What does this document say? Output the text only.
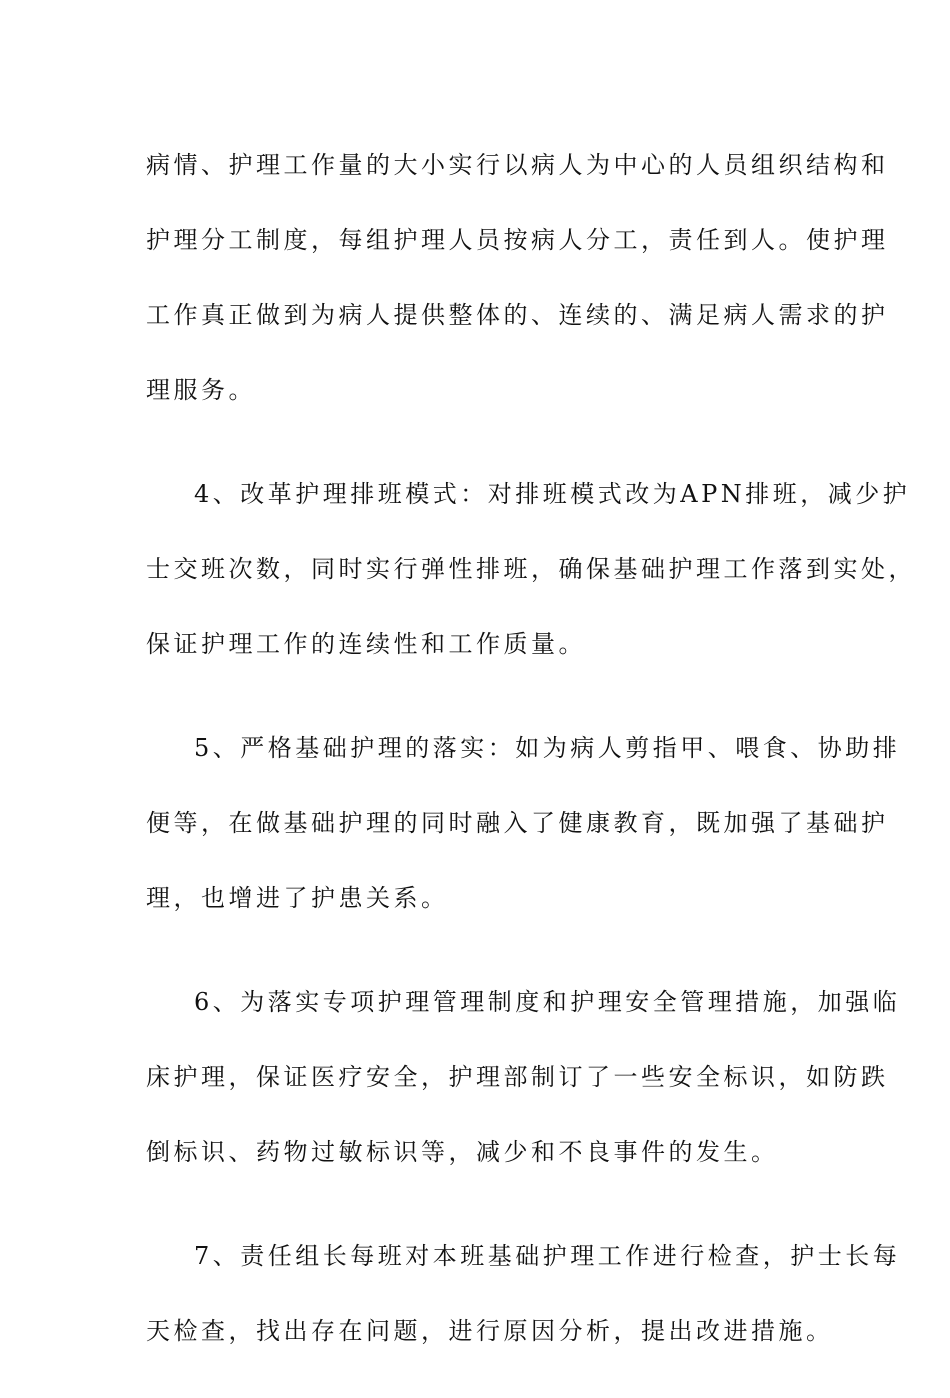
病情、护理工作量的大小实行以病人为中心的人员组织结构和
护理分工制度，每组护理人员按病人分工，责任到人。使护理
工作真正做到为病人提供整体的、连续的、满足病人需求的护
理服务。
4、改革护理排班模式：对排班模式改为APN排班，减少护
士交班次数，同时实行弹性排班，确保基础护理工作落到实处，
保证护理工作的连续性和工作质量。
5、严格基础护理的落实：如为病人剪指甲、喂食、协助排
便等，在做基础护理的同时融入了健康教育，既加强了基础护
理，也增进了护患关系。
6、为落实专项护理管理制度和护理安全管理措施，加强临
床护理，保证医疗安全，护理部制订了一些安全标识，如防跌
倒标识、药物过敏标识等，减少和不良事件的发生。
7、责任组长每班对本班基础护理工作进行检查，护士长每
天检查，找出存在问题，进行原因分析，提出改进措施。
